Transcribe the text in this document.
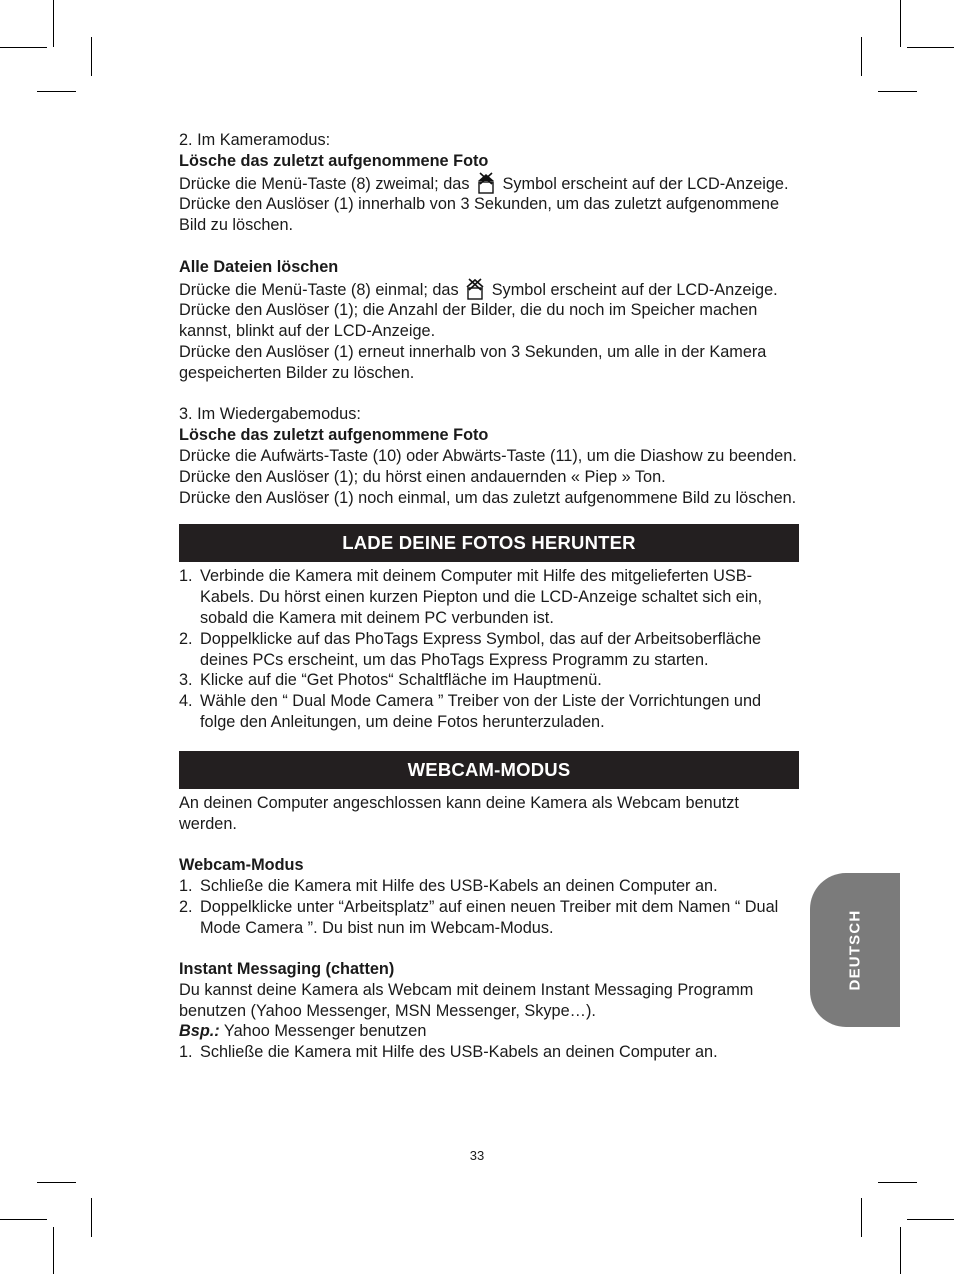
2. Im Kameramodus:

Lösche das zuletzt aufgenommene Foto

Drücke die Menü-Taste (8) zweimal; das  Symbol erscheint auf der LCD-Anzeige. Drücke den Auslöser (1) innerhalb von 3 Sekunden, um das zuletzt aufgenommene Bild zu löschen.

Alle Dateien löschen

Drücke die Menü-Taste (8) einmal; das  Symbol erscheint auf der LCD-Anzeige. Drücke den Auslöser (1); die Anzahl der Bilder, die du noch im Speicher machen kannst, blinkt auf der LCD-Anzeige.

Drücke den Auslöser (1) erneut innerhalb von 3 Sekunden, um alle in der Kamera gespeicherten Bilder zu löschen.

3. Im Wiedergabemodus:

Lösche das zuletzt aufgenommene Foto

Drücke die Aufwärts-Taste (10) oder Abwärts-Taste (11), um die Diashow zu beenden.

Drücke den Auslöser (1); du hörst einen andauernden « Piep » Ton.

Drücke den Auslöser (1) noch einmal, um das zuletzt aufgenommene Bild zu löschen.

LADE DEINE FOTOS HERUNTER
1. Verbinde die Kamera mit deinem Computer mit Hilfe des mitgelieferten USB-Kabels. Du hörst einen kurzen Piepton und die LCD-Anzeige schaltet sich ein, sobald die Kamera mit deinem PC verbunden ist.
2. Doppelklicke auf das PhoTags Express Symbol, das auf der Arbeitsoberfläche deines PCs erscheint, um das PhoTags Express Programm zu starten.
3. Klicke auf die “Get Photos“ Schaltfläche im Hauptmenü.
4. Wähle den “ Dual Mode Camera ” Treiber von der Liste der Vorrichtungen und folge den Anleitungen, um deine Fotos herunterzuladen.
WEBCAM-MODUS

An deinen Computer angeschlossen kann deine Kamera als Webcam benutzt werden.

Webcam-Modus

1. Schließe die Kamera mit Hilfe des USB-Kabels an deinen Computer an.
2. Doppelklicke unter “Arbeitsplatz” auf einen neuen Treiber mit dem Namen “ Dual Mode Camera ”. Du bist nun im Webcam-Modus.

Instant Messaging (chatten)

Du kannst deine Kamera als Webcam mit deinem Instant Messaging Programm benutzen (Yahoo Messenger, MSN Messenger, Skype…).

Bsp.: Yahoo Messenger benutzen

1. Schließe die Kamera mit Hilfe des USB-Kabels an deinen Computer an.
DEUTSCH
33
